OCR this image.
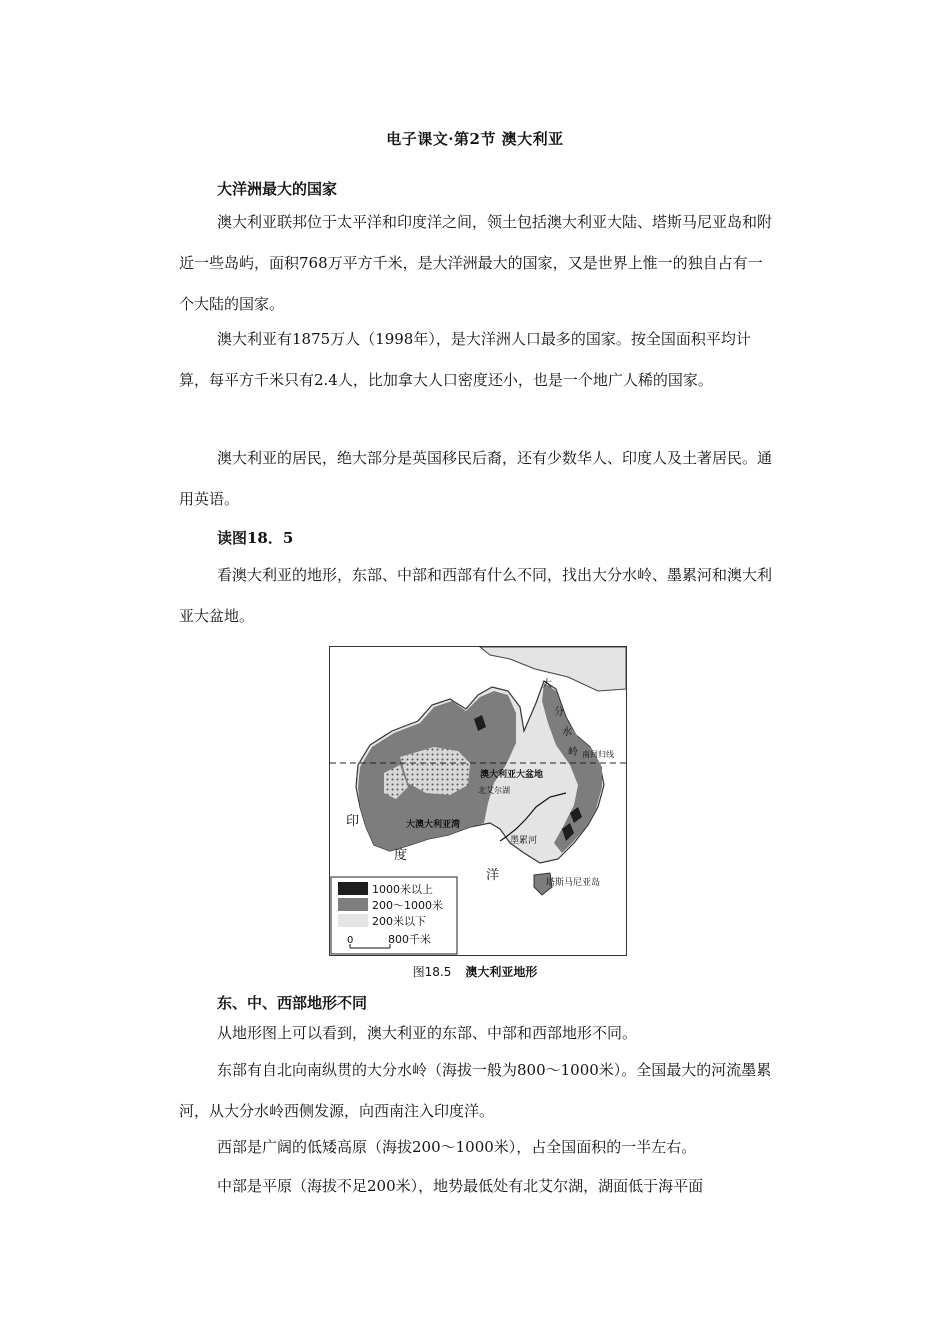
电子课文·第2节 澳大利亚
大洋洲最大的国家

澳大利亚联邦位于太平洋和印度洋之间，领土包括澳大利亚大陆、塔斯马尼亚岛和附近一些岛屿，面积768万平方千米，是大洋洲最大的国家，又是世界上惟一的独自占有一个大陆的国家。

澳大利亚有1875万人（1998年），是大洋洲人口最多的国家。按全国面积平均计算，每平方千米只有2.4人，比加拿大人口密度还小，也是一个地广人稀的国家。

澳大利亚的居民，绝大部分是英国移民后裔，还有少数华人、印度人及土著居民。通用英语。

读图18．5

看澳大利亚的地形，东部、中部和西部有什么不同，找出大分水岭、墨累河和澳大利亚大盆地。

澳大利亚大盆地
北艾尔湖
南回归线
大澳大利亚湾
墨累河
塔斯马尼亚岛
印
度
洋
大
分
水
岭
1000米以上
200～1000米
200米以下
0	800千米
图18.5 澳大利亚地形
东、中、西部地形不同

从地形图上可以看到，澳大利亚的东部、中部和西部地形不同。

东部有自北向南纵贯的大分水岭（海拔一般为800～1000米）。全国最大的河流墨累河，从大分水岭西侧发源，向西南注入印度洋。

西部是广阔的低矮高原（海拔200～1000米），占全国面积的一半左右。

中部是平原（海拔不足200米），地势最低处有北艾尔湖，湖面低于海平面
